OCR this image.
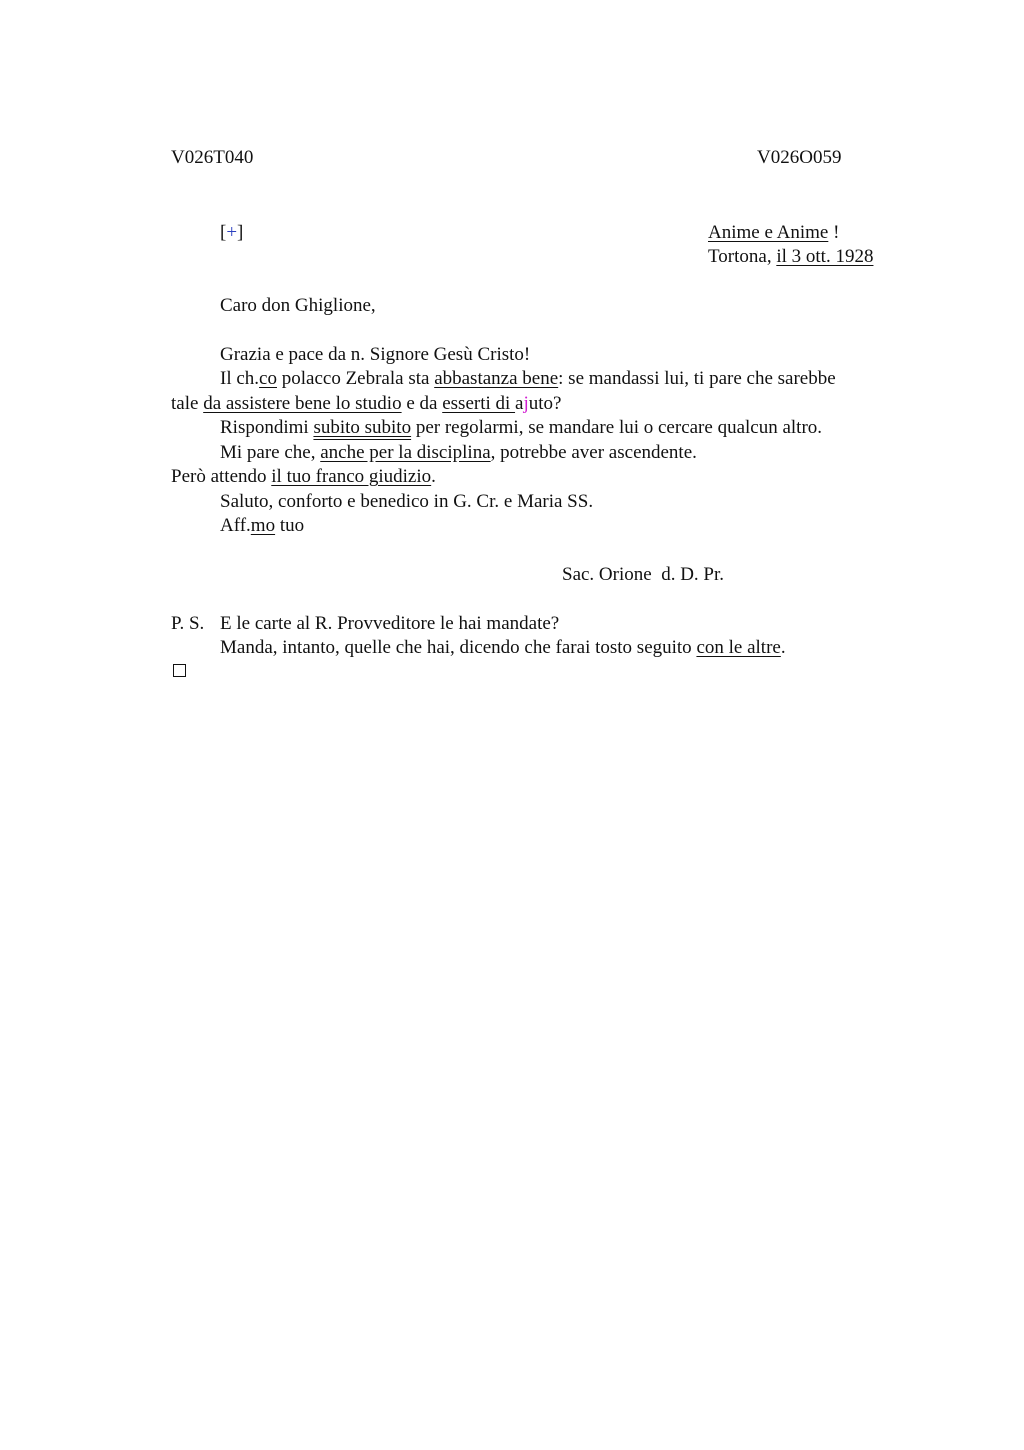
V026T040	V026O059
[+]	Anime e Anime !
Tortona, il 3 ott. 1928
Caro don Ghiglione,
Grazia e pace da n. Signore Gesù Cristo!
Il ch.co polacco Zebrala sta abbastanza bene: se mandassi lui, ti pare che sarebbe
tale da assistere bene lo studio e da esserti di ajuto?
Rispondimi subito subito per regolarmi, se mandare lui o cercare qualcun altro.
Mi pare che, anche per la disciplina, potrebbe aver ascendente.
Però attendo il tuo franco giudizio.
Saluto, conforto e benedico in G. Cr. e Maria SS.
Aff.mo tuo
Sac. Orione  d. D. Pr.
P. S. E le carte al R. Provveditore le hai mandate?
Manda, intanto, quelle che hai, dicendo che farai tosto seguito con le altre.
